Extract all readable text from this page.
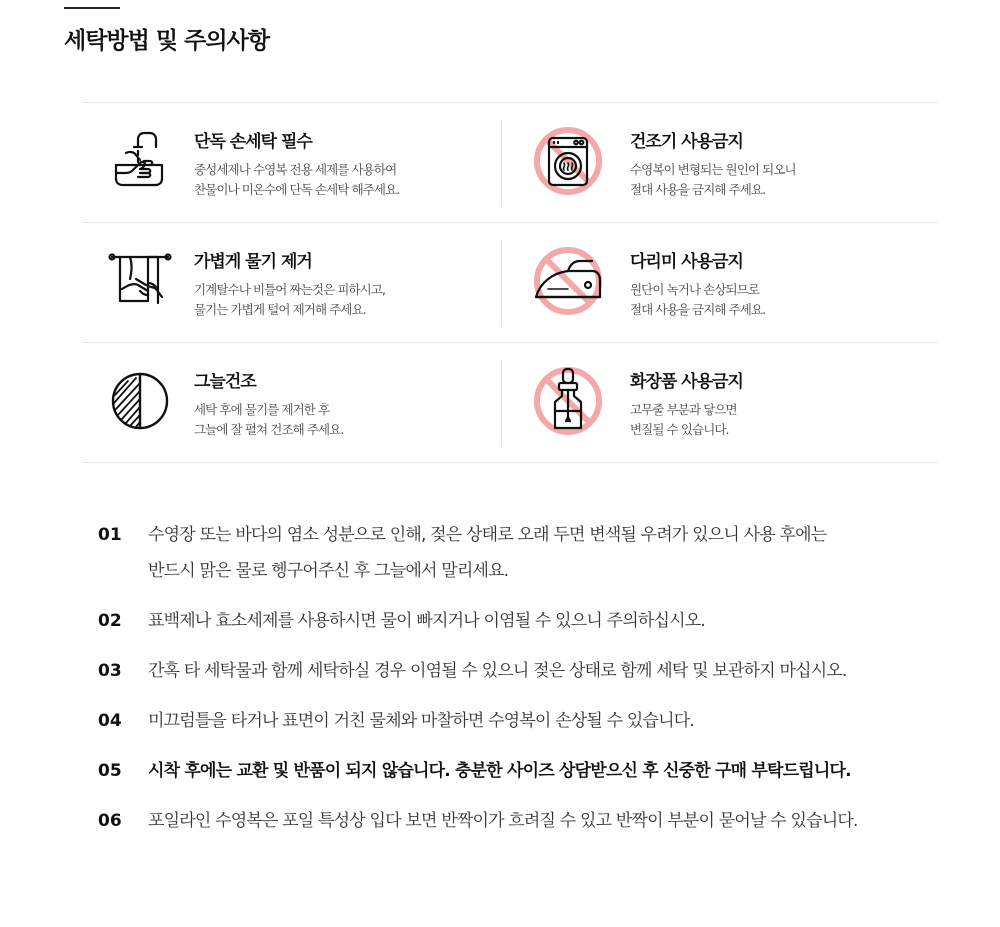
세탁방법 및 주의사항
단독 손세탁 필수
중성세제나 수영복 전용 세제를 사용하여
찬물이나 미온수에 단독 손세탁 해주세요.
건조기 사용금지
수영복이 변형되는 원인이 되오니
절대 사용을 금지해 주세요.
가볍게 물기 제거
기계탈수나 비틀어 짜는것은 피하시고,
물기는 가볍게 털어 제거해 주세요.
다리미 사용금지
원단이 녹거나 손상되므로
절대 사용을 금지해 주세요.
그늘건조
세탁 후에 물기를 제거한 후
그늘에 잘 펼쳐 건조해 주세요.
화장품 사용금지
고무줄 부분과 닿으면
변질될 수 있습니다.
01	수영장 또는 바다의 염소 성분으로 인해, 젖은 상태로 오래 두면 변색될 우려가 있으니 사용 후에는
반드시 맑은 물로 헹구어주신 후 그늘에서 말리세요.
02	표백제나 효소세제를 사용하시면 물이 빠지거나 이염될 수 있으니 주의하십시오.
03	간혹 타 세탁물과 함께 세탁하실 경우 이염될 수 있으니 젖은 상태로 함께 세탁 및 보관하지 마십시오.
04	미끄럼틀을 타거나 표면이 거친 물체와 마찰하면 수영복이 손상될 수 있습니다.
05	시착 후에는 교환 및 반품이 되지 않습니다. 충분한 사이즈 상담받으신 후 신중한 구매 부탁드립니다.
06	포일라인 수영복은 포일 특성상 입다 보면 반짝이가 흐려질 수 있고 반짝이 부분이 묻어날 수 있습니다.
